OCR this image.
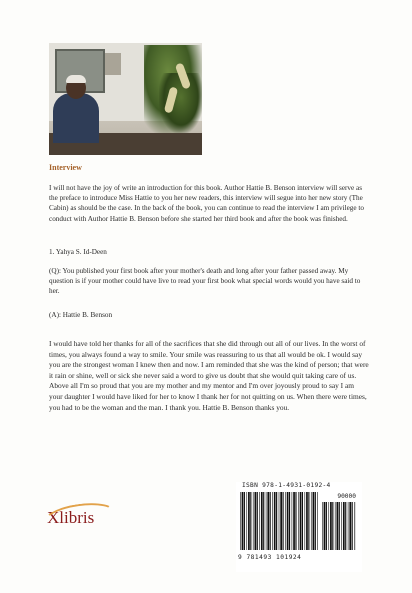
Interview

I will not have the joy of write an introduction for this book. Author Hattie B. Benson interview will serve as the preface to introduce Miss Hattie to you her new readers, this interview will segue into her new story (The Cabin) as should be the case. In the back of the book, you can continue to read the interview I am privilege to conduct with Author Hattie B. Benson before she started her third book and after the book was finished.

1. Yahya S. Id-Deen

(Q): You published your first book after your mother's death and long after your father passed away. My question is if your mother could have live to read your first book what special words would you have said to her.

(A): Hattie B. Benson

I would have told her thanks for all of the sacrifices that she did through out all of our lives. In the worst of times, you always found a way to smile. Your smile was reassuring to us that all would be ok. I would say you are the strongest woman I knew then and now. I am reminded that she was the kind of person; that were it rain or shine, well or sick she never said a word to give us doubt that she would quit taking care of us. Above all I'm so proud that you are my mother and my mentor and I'm over joyously proud to say I am your daughter I would have liked for her to know I thank her for not quitting on us. When there were times, you had to be the woman and the man. I thank you. Hattie B. Benson thanks you.

ISBN 978-1-4931-0192-4
90000
9 781493 101924
Xlibris
